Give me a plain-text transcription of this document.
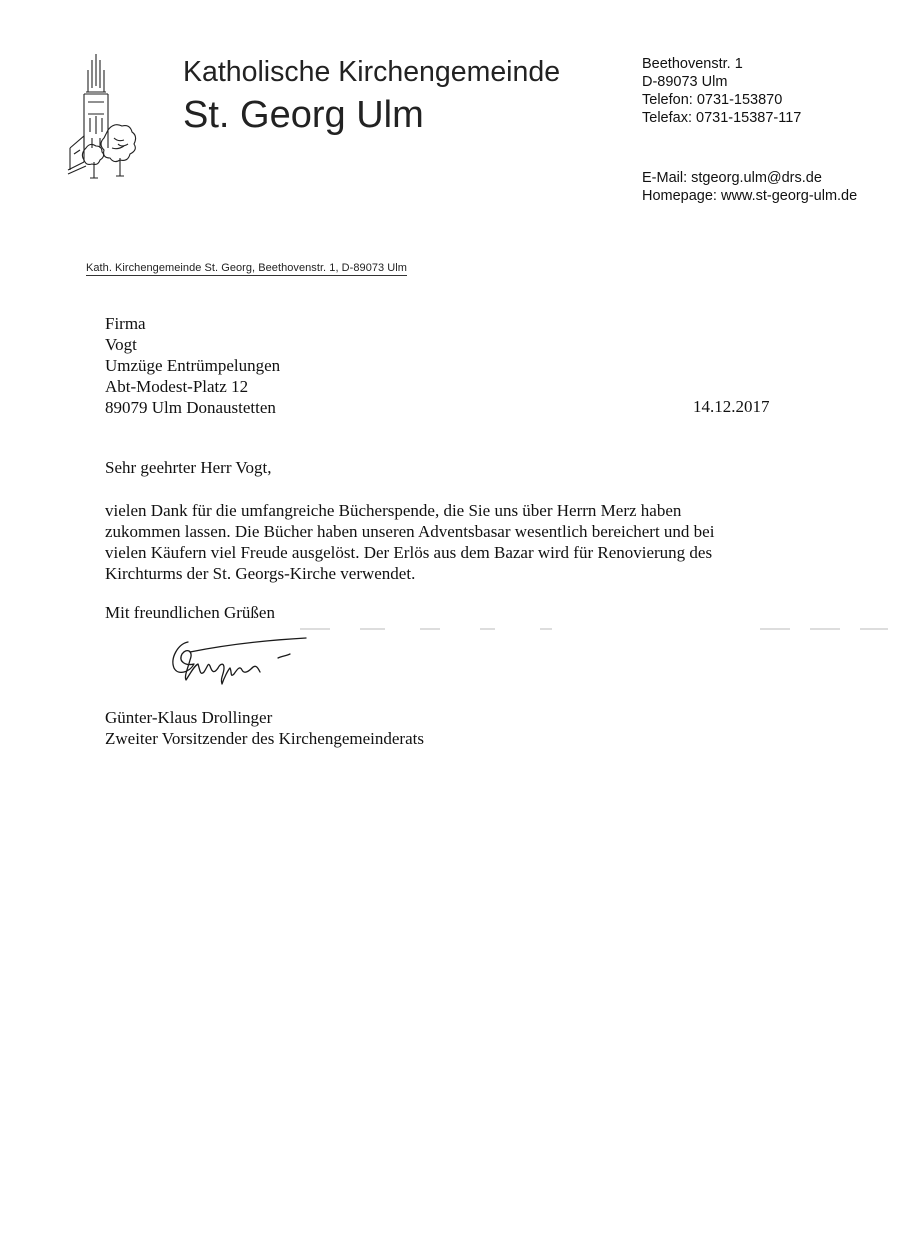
Katholische Kirchengemeinde
St. Georg Ulm
Beethovenstr. 1
D-89073 Ulm
Telefon: 0731-153870
Telefax: 0731-15387-117
E-Mail: stgeorg.ulm@drs.de
Homepage: www.st-georg-ulm.de
Kath. Kirchengemeinde St. Georg, Beethovenstr. 1, D-89073 Ulm
Firma
Vogt
Umzüge Entrümpelungen
Abt-Modest-Platz 12
89079 Ulm Donaustetten	14.12.2017
Sehr geehrter Herr Vogt,
vielen Dank für die umfangreiche Bücherspende, die Sie uns über Herrn Merz haben
zukommen lassen. Die Bücher haben unseren Adventsbasar wesentlich bereichert und bei
vielen Käufern viel Freude ausgelöst. Der Erlös aus dem Bazar wird für Renovierung des
Kirchturms der St. Georgs-Kirche verwendet.
Mit freundlichen Grüßen
Günter-Klaus Drollinger
Zweiter Vorsitzender des Kirchengemeinderats
